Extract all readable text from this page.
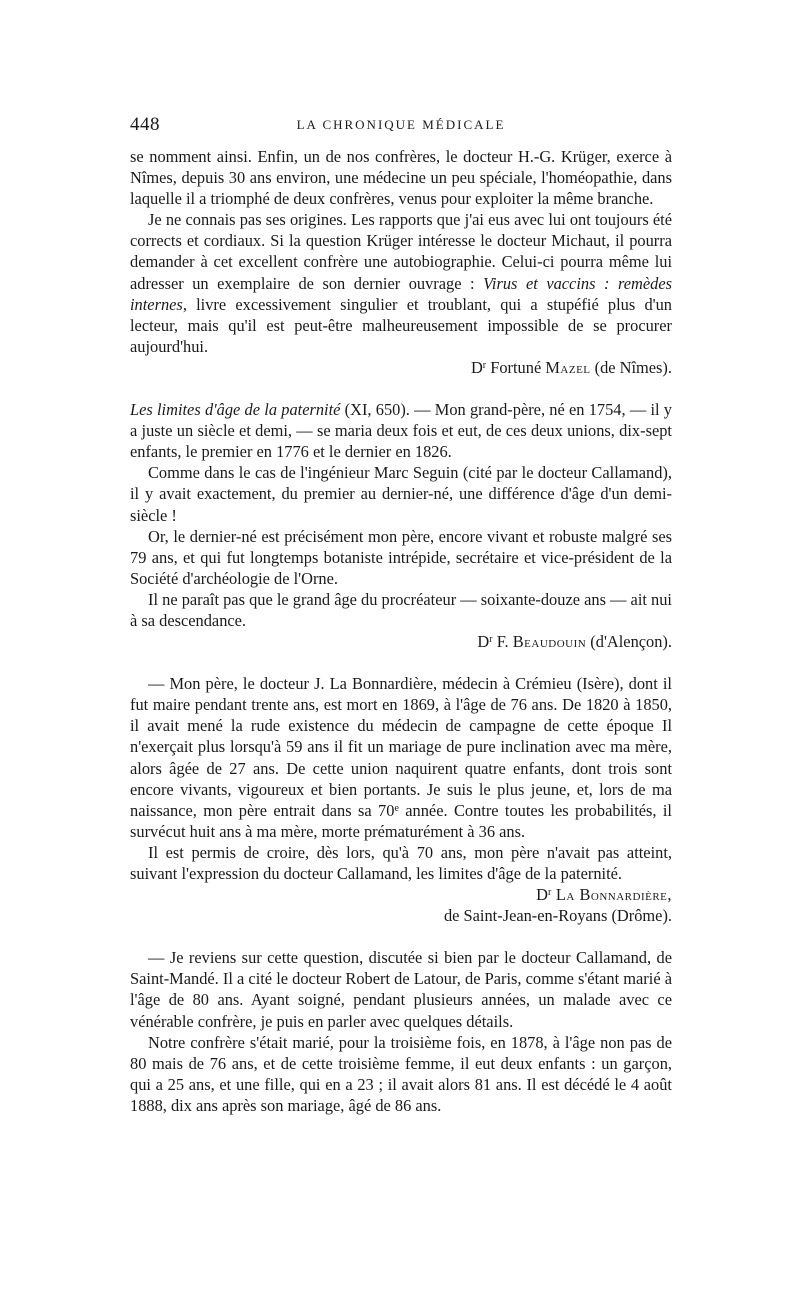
448	LA CHRONIQUE MÉDICALE

se nomment ainsi. Enfin, un de nos confrères, le docteur H.-G. Krüger, exerce à Nîmes, depuis 30 ans environ, une médecine un peu spéciale, l'homéopathie, dans laquelle il a triomphé de deux confrères, venus pour exploiter la même branche.

Je ne connais pas ses origines. Les rapports que j'ai eus avec lui ont toujours été corrects et cordiaux. Si la question Krüger intéresse le docteur Michaut, il pourra demander à cet excellent confrère une autobiographie. Celui-ci pourra même lui adresser un exemplaire de son dernier ouvrage : Virus et vaccins : remèdes internes, livre excessivement singulier et troublant, qui a stupéfié plus d'un lecteur, mais qu'il est peut-être malheureusement impossible de se procurer aujourd'hui.

$D^r$ Fortuné Mazel (de Nîmes).

Les limites d'âge de la paternité (XI, 650). — Mon grand-père, né en 1754, — il y a juste un siècle et demi, — se maria deux fois et eut, de ces deux unions, dix-sept enfants, le premier en 1776 et le dernier en 1826.

Comme dans le cas de l'ingénieur Marc Seguin (cité par le docteur Callamand), il y avait exactement, du premier au dernier-né, une différence d'âge d'un demi-siècle !

Or, le dernier-né est précisément mon père, encore vivant et robuste malgré ses 79 ans, et qui fut longtemps botaniste intrépide, secrétaire et vice-président de la Société d'archéologie de l'Orne.

Il ne paraît pas que le grand âge du procréateur — soixante-douze ans — ait nui à sa descendance.

$D^r$ F. Beaudouin (d'Alençon).

— Mon père, le docteur J. La Bonnardière, médecin à Crémieu (Isère), dont il fut maire pendant trente ans, est mort en 1869, à l'âge de 76 ans. De 1820 à 1850, il avait mené la rude existence du médecin de campagne de cette époque Il n'exerçait plus lorsqu'à 59 ans il fit un mariage de pure inclination avec ma mère, alors âgée de 27 ans. De cette union naquirent quatre enfants, dont trois sont encore vivants, vigoureux et bien portants. Je suis le plus jeune, et, lors de ma naissance, mon père entrait dans sa 70e année. Contre toutes les probabilités, il survécut huit ans à ma mère, morte prématurément à 36 ans.

Il est permis de croire, dès lors, qu'à 70 ans, mon père n'avait pas atteint, suivant l'expression du docteur Callamand, les limites d'âge de la paternité.

$D^r$ La Bonnardière,

de Saint-Jean-en-Royans (Drôme).

— Je reviens sur cette question, discutée si bien par le docteur Callamand, de Saint-Mandé. Il a cité le docteur Robert de Latour, de Paris, comme s'étant marié à l'âge de 80 ans. Ayant soigné, pendant plusieurs années, un malade avec ce vénérable confrère, je puis en parler avec quelques détails.

Notre confrère s'était marié, pour la troisième fois, en 1878, à l'âge non pas de 80 mais de 76 ans, et de cette troisième femme, il eut deux enfants : un garçon, qui a 25 ans, et une fille, qui en a 23 ; il avait alors 81 ans. Il est décédé le 4 août 1888, dix ans après son mariage, âgé de 86 ans.
